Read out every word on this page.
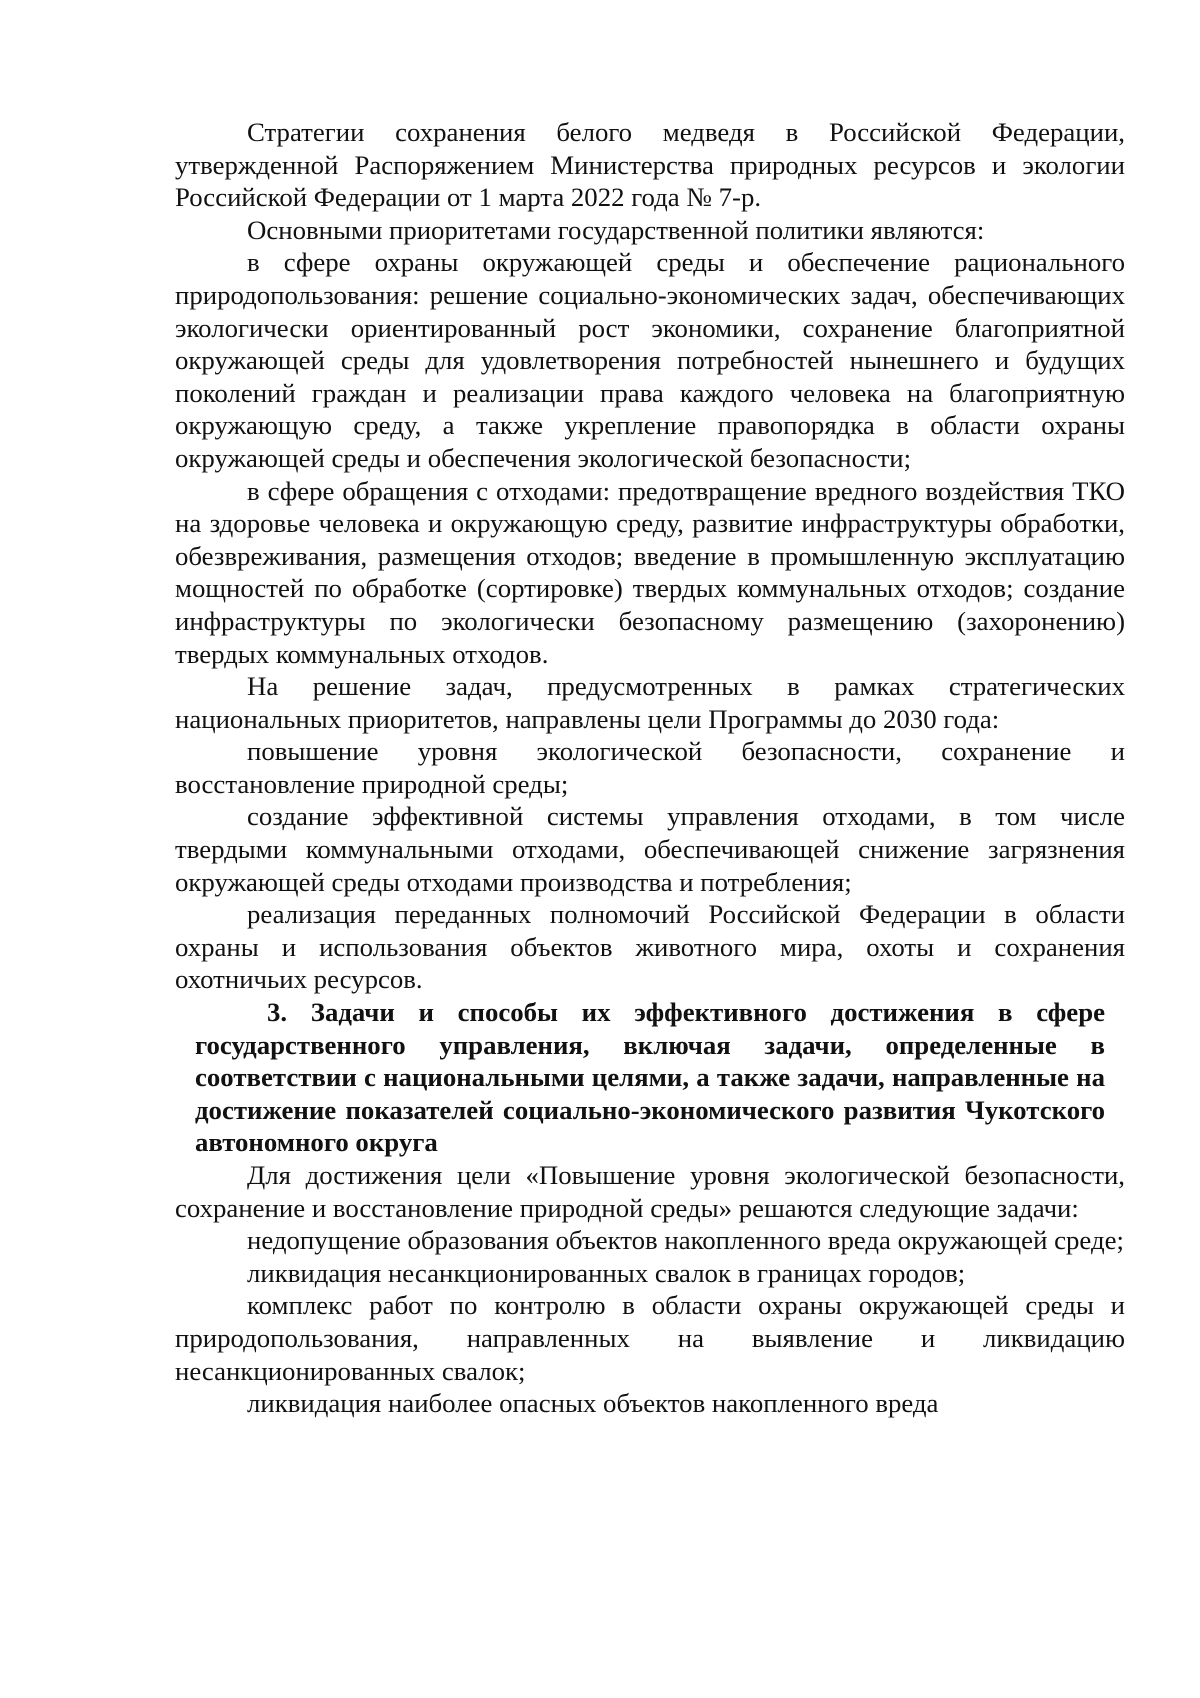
Стратегии сохранения белого медведя в Российской Федерации, утвержденной Распоряжением Министерства природных ресурсов и экологии Российской Федерации от 1 марта 2022 года № 7-р.

Основными приоритетами государственной политики являются:

в сфере охраны окружающей среды и обеспечение рационального природопользования: решение социально-экономических задач, обеспечивающих экологически ориентированный рост экономики, сохранение благоприятной окружающей среды для удовлетворения потребностей нынешнего и будущих поколений граждан и реализации права каждого человека на благоприятную окружающую среду, а также укрепление правопорядка в области охраны окружающей среды и обеспечения экологической безопасности;

в сфере обращения с отходами: предотвращение вредного воздействия ТКО на здоровье человека и окружающую среду, развитие инфраструктуры обработки, обезвреживания, размещения отходов; введение в промышленную эксплуатацию мощностей по обработке (сортировке) твердых коммунальных отходов; создание инфраструктуры по экологически безопасному размещению (захоронению) твердых коммунальных отходов.

На решение задач, предусмотренных в рамках стратегических национальных приоритетов, направлены цели Программы до 2030 года:

повышение уровня экологической безопасности, сохранение и восстановление природной среды;

создание эффективной системы управления отходами, в том числе твердыми коммунальными отходами, обеспечивающей снижение загрязнения окружающей среды отходами производства и потребления;

реализация переданных полномочий Российской Федерации в области охраны и использования объектов животного мира, охоты и сохранения охотничьих ресурсов.

3. Задачи и способы их эффективного достижения в сфере государственного управления, включая задачи, определенные в соответствии с национальными целями, а также задачи, направленные на достижение показателей социально-экономического развития Чукотского автономного округа

Для достижения цели «Повышение уровня экологической безопасности, сохранение и восстановление природной среды» решаются следующие задачи:

недопущение образования объектов накопленного вреда окружающей среде;

ликвидация несанкционированных свалок в границах городов;

комплекс работ по контролю в области охраны окружающей среды и природопользования, направленных на выявление и ликвидацию несанкционированных свалок;

ликвидация наиболее опасных объектов накопленного вреда
